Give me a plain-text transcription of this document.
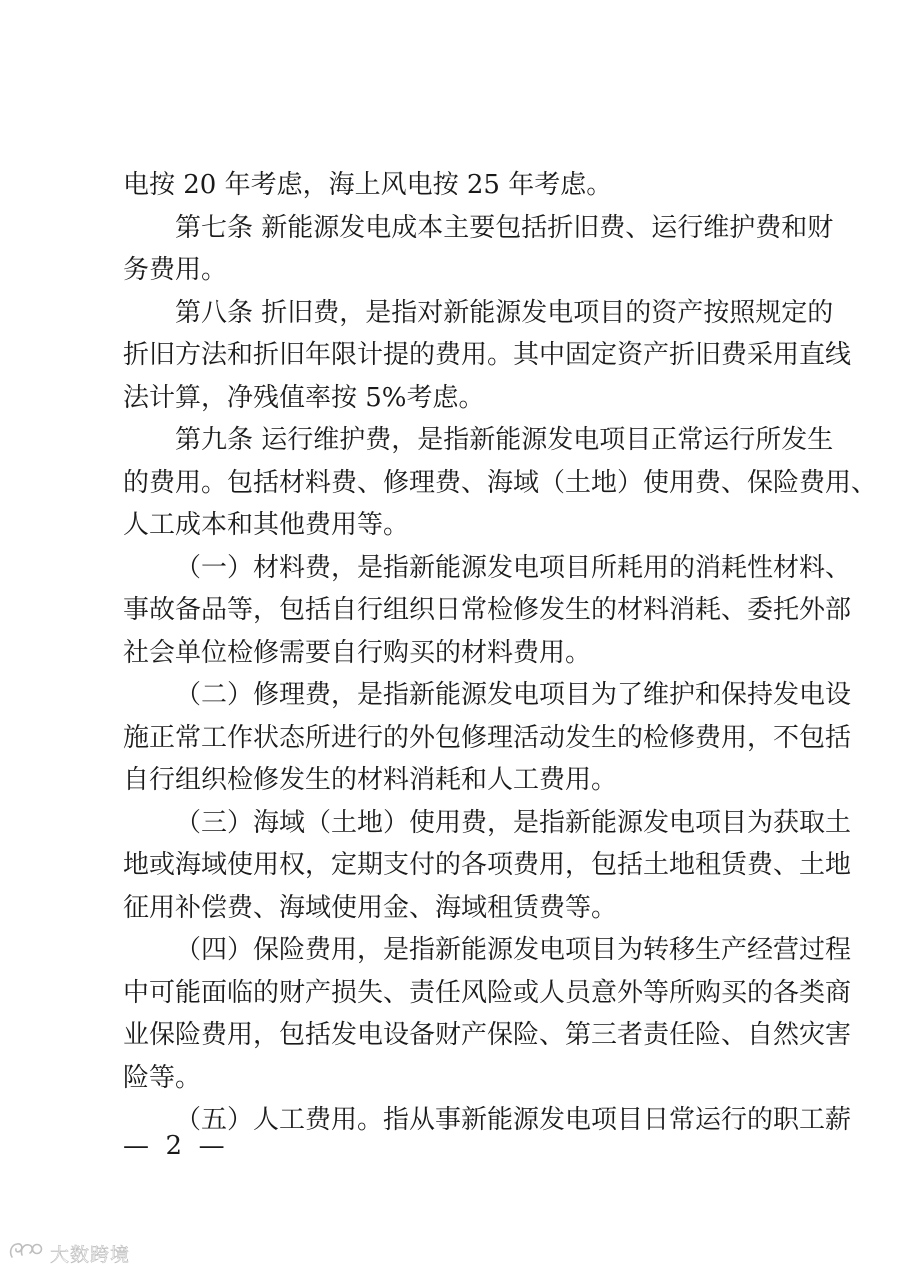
电按 20 年考虑，海上风电按 25 年考虑。
第七条 新能源发电成本主要包括折旧费、运行维护费和财
务费用。
第八条 折旧费，是指对新能源发电项目的资产按照规定的
折旧方法和折旧年限计提的费用。其中固定资产折旧费采用直线
法计算，净残值率按 5%考虑。
第九条 运行维护费，是指新能源发电项目正常运行所发生
的费用。包括材料费、修理费、海域（土地）使用费、保险费用、
人工成本和其他费用等。
（一）材料费，是指新能源发电项目所耗用的消耗性材料、
事故备品等，包括自行组织日常检修发生的材料消耗、委托外部
社会单位检修需要自行购买的材料费用。
（二）修理费，是指新能源发电项目为了维护和保持发电设
施正常工作状态所进行的外包修理活动发生的检修费用，不包括
自行组织检修发生的材料消耗和人工费用。
（三）海域（土地）使用费，是指新能源发电项目为获取土
地或海域使用权，定期支付的各项费用，包括土地租赁费、土地
征用补偿费、海域使用金、海域租赁费等。
（四）保险费用，是指新能源发电项目为转移生产经营过程
中可能面临的财产损失、责任风险或人员意外等所购买的各类商
业保险费用，包括发电设备财产保险、第三者责任险、自然灾害
险等。
（五）人工费用。指从事新能源发电项目日常运行的职工薪
—  2  —
大数跨境
